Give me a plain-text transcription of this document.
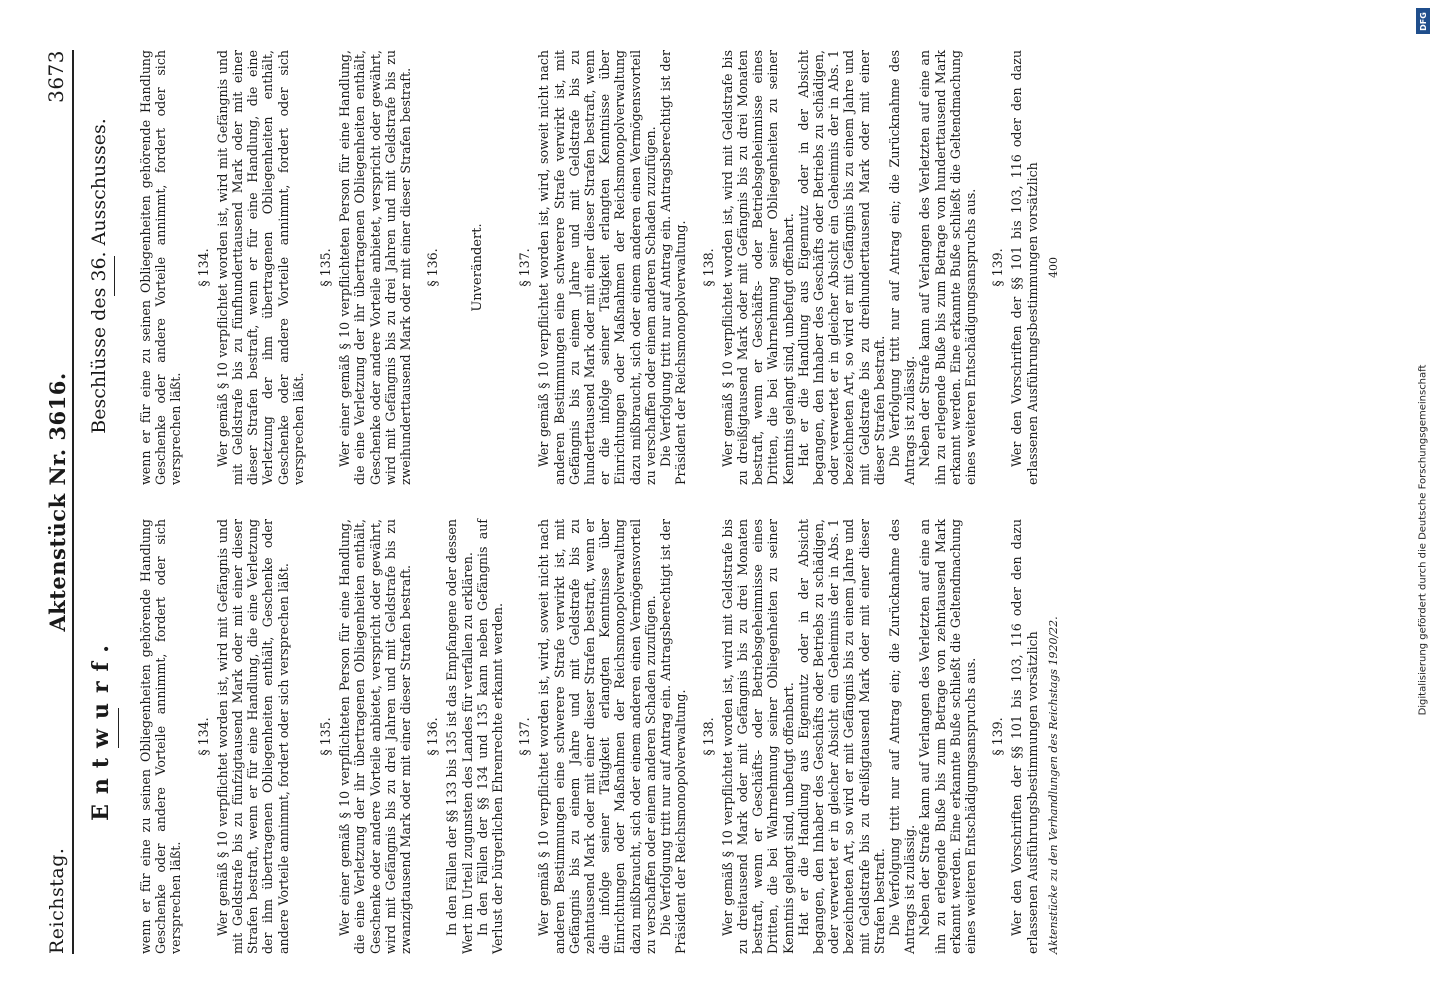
Reichstag.
Aktenstück Nr. 3616.
3673
Entwurf.
Beschlüsse des 36. Ausschusses.

wenn er für eine zu seinen Obliegenheiten gehörende Handlung Geschenke oder andere Vorteile annimmt, fordert oder sich versprechen läßt.

wenn er für eine zu seinen Obliegenheiten gehörende Handlung Geschenke oder andere Vorteile annimmt, fordert oder sich versprechen läßt.

§ 134. Wer gemäß § 10 verpflichtet worden ist, wird mit Gefängnis und mit Geldstrafe bis zu fünfzigtausend Mark oder mit einer dieser Strafen bestraft, wenn er für eine Handlung, die eine Verletzung der ihm übertragenen Obliegenheiten enthält, Geschenke oder andere Vorteile annimmt, fordert oder sich versprechen läßt.

§ 134. Wer gemäß § 10 verpflichtet worden ist, wird mit Gefängnis und mit Geldstrafe bis zu fünfhunderttausend Mark oder mit einer dieser Strafen bestraft, wenn er für eine Handlung, die eine Verletzung der ihm übertragenen Obliegenheiten enthält, Geschenke oder andere Vorteile annimmt, fordert oder sich versprechen läßt.

§ 135. Wer einer gemäß § 10 verpflichteten Person für eine Handlung, die eine Verletzung der ihr übertragenen Obliegenheiten enthält, Geschenke oder andere Vorteile anbietet, verspricht oder gewährt, wird mit Gefängnis bis zu drei Jahren und mit Geldstrafe bis zu zwanzigtausend Mark oder mit einer dieser Strafen bestraft.

§ 135. Wer einer gemäß § 10 verpflichteten Person für eine Handlung, die eine Verletzung der ihr übertragenen Obliegenheiten enthält, Geschenke oder andere Vorteile anbietet, verspricht oder gewährt, wird mit Gefängnis bis zu drei Jahren und mit Geldstrafe bis zu zweihunderttausend Mark oder mit einer dieser Strafen bestraft.

§ 136. In den Fällen der §§ 133 bis 135 ist das Empfangene oder dessen Wert im Urteil zugunsten des Landes für verfallen zu erklären. In den Fällen der §§ 134 und 135 kann neben Gefängnis auf Verlust der bürgerlichen Ehrenrechte erkannt werden.

§ 136. Unverändert.
§ 137. Wer gemäß § 10 verpflichtet worden ist, wird, soweit nicht nach anderen Bestimmungen eine schwerere Strafe verwirkt ist, mit Gefängnis bis zu einem Jahre und mit Geldstrafe bis zu zehntausend Mark oder mit einer dieser Strafen bestraft, wenn er die infolge seiner Tätigkeit erlangten Kenntnisse über Einrichtungen oder Maßnahmen der Reichsmonopolverwaltung dazu mißbraucht, sich oder einem anderen einen Vermögensvorteil zu verschaffen oder einem anderen Schaden zuzufügen. Die Verfolgung tritt nur auf Antrag ein. Antragsberechtigt ist der Präsident der Reichsmonopolverwaltung.

§ 137. Wer gemäß § 10 verpflichtet worden ist, wird, soweit nicht nach anderen Bestimmungen eine schwerere Strafe verwirkt ist, mit Gefängnis bis zu einem Jahre und mit Geldstrafe bis zu hunderttausend Mark oder mit einer dieser Strafen bestraft, wenn er die infolge seiner Tätigkeit erlangten Kenntnisse über Einrichtungen oder Maßnahmen der Reichsmonopolverwaltung dazu mißbraucht, sich oder einem anderen einen Vermögensvorteil zu verschaffen oder einem anderen Schaden zuzufügen. Die Verfolgung tritt nur auf Antrag ein. Antragsberechtigt ist der Präsident der Reichsmonopolverwaltung.

§ 138. Wer gemäß § 10 verpflichtet worden ist, wird mit Geldstrafe bis zu dreitausend Mark oder mit Gefängnis bis zu drei Monaten bestraft, wenn er Geschäfts- oder Betriebsgeheimnisse eines Dritten, die bei Wahrnehmung seiner Obliegenheiten zu seiner Kenntnis gelangt sind, unbefugt offenbart. Hat er die Handlung aus Eigennutz oder in der Absicht begangen, den Inhaber des Geschäfts oder Betriebs zu schädigen, oder verwertet er in gleicher Absicht ein Geheimnis der in Abs. 1 bezeichneten Art, so wird er mit Gefängnis bis zu einem Jahre und mit Geldstrafe bis zu dreißigtausend Mark oder mit einer dieser Strafen bestraft. Die Verfolgung tritt nur auf Antrag ein; die Zurücknahme des Antrags ist zulässig. Neben der Strafe kann auf Verlangen des Verletzten auf eine an ihn zu erlegende Buße bis zum Betrage von zehntausend Mark erkannt werden. Eine erkannte Buße schließt die Geltendmachung eines weiteren Entschädigungsanspruchs aus.

§ 138. Wer gemäß § 10 verpflichtet worden ist, wird mit Geldstrafe bis zu dreißigtausend Mark oder mit Gefängnis bis zu drei Monaten bestraft, wenn er Geschäfts- oder Betriebsgeheimnisse eines Dritten, die bei Wahrnehmung seiner Obliegenheiten zu seiner Kenntnis gelangt sind, unbefugt offenbart. Hat er die Handlung aus Eigennutz oder in der Absicht begangen, den Inhaber des Geschäfts oder Betriebs zu schädigen, oder verwertet er in gleicher Absicht ein Geheimnis der in Abs. 1 bezeichneten Art, so wird er mit Gefängnis bis zu einem Jahre und mit Geldstrafe bis zu dreihunderttausend Mark oder mit einer dieser Strafen bestraft. Die Verfolgung tritt nur auf Antrag ein; die Zurücknahme des Antrags ist zulässig. Neben der Strafe kann auf Verlangen des Verletzten auf eine an ihn zu erlegende Buße bis zum Betrage von hunderttausend Mark erkannt werden. Eine erkannte Buße schließt die Geltendmachung eines weiteren Entschädigungsanspruchs aus.

§ 139. Wer den Vorschriften der §§ 101 bis 103, 116 oder den dazu erlassenen Ausführungsbestimmungen vorsätzlich Aktenstücke zu den Verhandlungen des Reichstags 1920/22.
§ 139. Wer den Vorschriften der §§ 101 bis 103, 116 oder den dazu erlassenen Ausführungsbestimmungen vorsätzlich 400
DFG
Digitalisierung gefördert durch die Deutsche Forschungsgemeinschaft
